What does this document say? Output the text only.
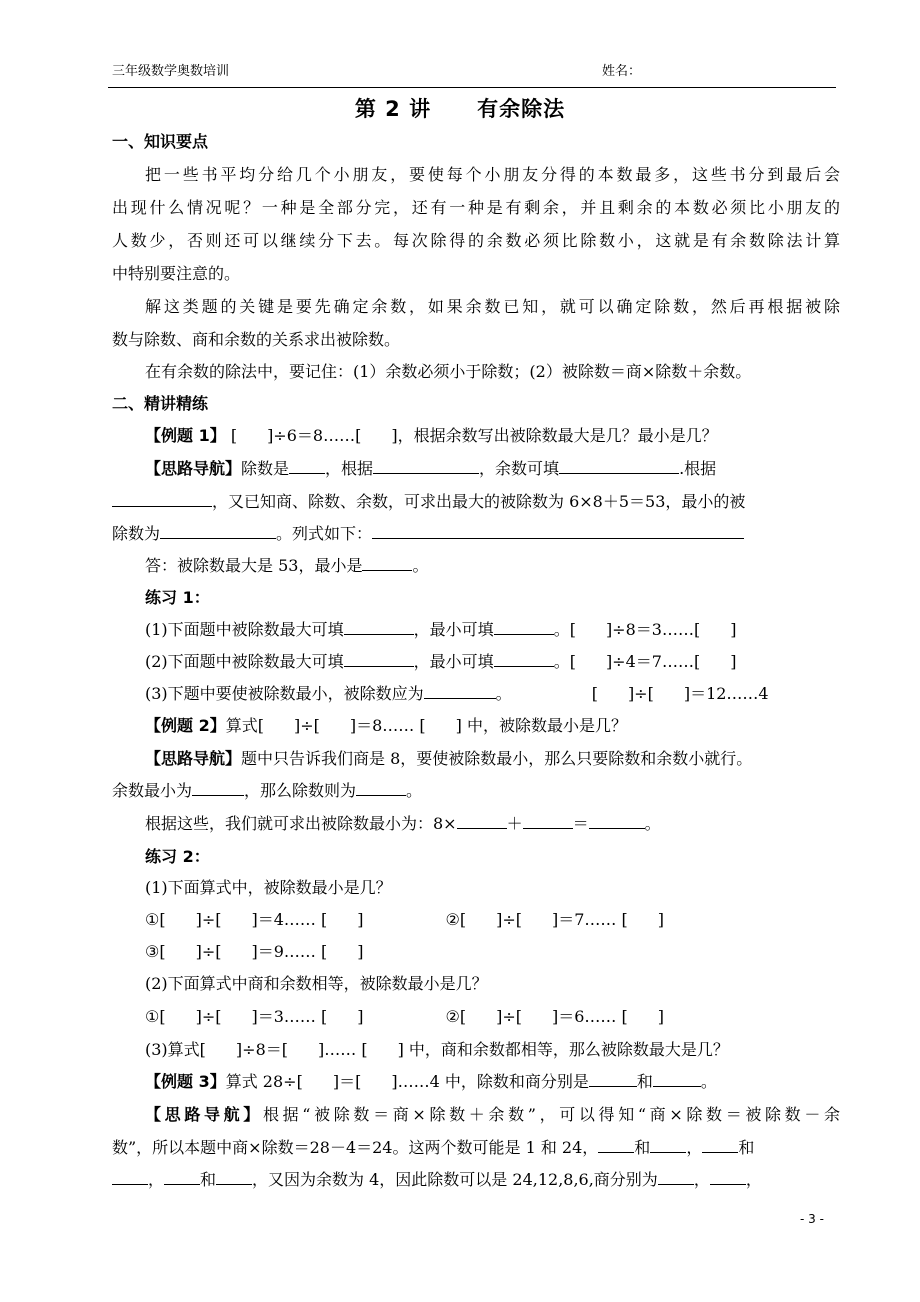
三年级数学奥数培训	姓名：
第 2 讲 有余除法
一、知识要点
把一些书平均分给几个小朋友，要使每个小朋友分得的本数最多，这些书分到最后会
出现什么情况呢？一种是全部分完，还有一种是有剩余，并且剩余的本数必须比小朋友的
人数少，否则还可以继续分下去。每次除得的余数必须比除数小，这就是有余数除法计算
中特别要注意的。
解这类题的关键是要先确定余数，如果余数已知，就可以确定除数，然后再根据被除
数与除数、商和余数的关系求出被除数。
在有余数的除法中，要记住：(1）余数必须小于除数；(2）被除数＝商×除数＋余数。
二、精讲精练
【例题 1】 [ ]÷6＝8……[ ]，根据余数写出被除数最大是几？最小是几？
【思路导航】除数是 ，根据	，余数可填	.根据
，又已知商、除数、余数，可求出最大的被除数为 6×8＋5＝53，最小的被
除数为	。列式如下：
答：被除数最大是 53，最小是	。
练习 1：
(1)下面题中被除数最大可填	，最小可填	。[ ]÷8＝3……[ ]
(2)下面题中被除数最大可填	，最小可填	。[ ]÷4＝7……[ ]
(3)下题中要使被除数最小，被除数应为	。	[ ]÷[ ]＝12……4
【例题 2】算式[ ]÷[ ]＝8…… [ ] 中，被除数最小是几？
【思路导航】题中只告诉我们商是 8，要使被除数最小，那么只要除数和余数小就行。
余数最小为	，那么除数则为	。
根据这些，我们就可求出被除数最小为：8×	＋	＝	。
练习 2：
(1)下面算式中，被除数最小是几？
①[ ]÷[ ]＝4…… [ ]	②[ ]÷[ ]＝7…… [ ]
③[ ]÷[ ]＝9…… [ ]
(2)下面算式中商和余数相等，被除数最小是几？
①[ ]÷[ ]＝3…… [ ]	②[ ]÷[ ]＝6…… [ ]
(3)算式[ ]÷8＝[ ]…… [ ] 中，商和余数都相等，那么被除数最大是几？
【例题 3】算式 28÷[ ]＝[ ]……4 中，除数和商分别是	和	。
【思路导航】根据“被除数＝商×除数＋余数”，可以得知“商×除数＝被除数－余
数”，所以本题中商×除数＝28－4＝24。这两个数可能是 1 和 24， 和 ， 和
， 和 ，又因为余数为 4，因此除数可以是 24,12,8,6,商分别为 ， ，
- 3 -
